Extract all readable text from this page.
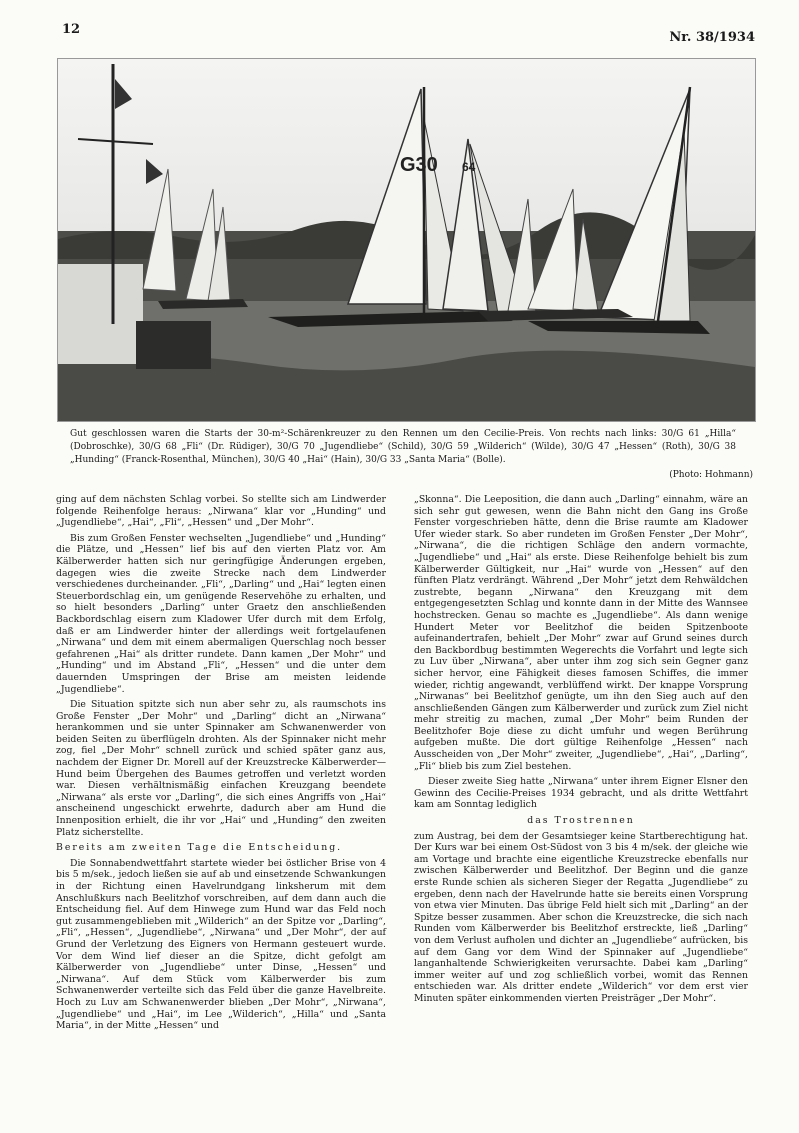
12
Nr. 38/1934
G30 64
Gut geschlossen waren die Starts der 30-m²-Schärenkreuzer zu den Rennen um den Cecilie-Preis. Von rechts nach links: 30/G 61 „Hilla“ (Dobroschke), 30/G 68 „Fli“ (Dr. Rüdiger), 30/G 70 „Jugendliebe“ (Schild), 30/G 59 „Wilderich“ (Wilde), 30/G 47 „Hessen“ (Roth), 30/G 38 „Hunding“ (Franck-Rosenthal, München), 30/G 40 „Hai“ (Hain), 30/G 33 „Santa Maria“ (Bolle).
(Photo: Hohmann)

ging auf dem nächsten Schlag vorbei. So stellte sich am Lindwerder folgende Reihenfolge heraus: „Nirwana“ klar vor „Hunding“ und „Jugendliebe“, „Hai“, „Fli“, „Hessen“ und „Der Mohr“.

Bis zum Großen Fenster wechselten „Jugendliebe“ und „Hunding“ die Plätze, und „Hessen“ lief bis auf den vierten Platz vor. Am Kälberwerder hatten sich nur geringfügige Änderungen ergeben, dagegen wies die zweite Strecke nach dem Lindwerder verschiedenes durcheinander. „Fli“, „Darling“ und „Hai“ legten einen Steuerbordschlag ein, um genügende Reservehöhe zu erhalten, und so hielt besonders „Darling“ unter Graetz den anschließenden Backbordschlag eisern zum Kladower Ufer durch mit dem Erfolg, daß er am Lindwerder hinter der allerdings weit fortgelaufenen „Nirwana“ und dem mit einem abermaligen Querschlag noch besser gefahrenen „Hai“ als dritter rundete. Dann kamen „Der Mohr“ und „Hunding“ und im Abstand „Fli“, „Hessen“ und die unter dem dauernden Umspringen der Brise am meisten leidende „Jugendliebe“.

Die Situation spitzte sich nun aber sehr zu, als raumschots ins Große Fenster „Der Mohr“ und „Darling“ dicht an „Nirwana“ herankommen und sie unter Spinnaker am Schwanenwerder von beiden Seiten zu überflügeln drohten. Als der Spinnaker nicht mehr zog, fiel „Der Mohr“ schnell zurück und schied später ganz aus, nachdem der Eigner Dr. Morell auf der Kreuzstrecke Kälberwerder—Hund beim Übergehen des Baumes getroffen und verletzt worden war. Diesen verhältnismäßig einfachen Kreuzgang beendete „Nirwana“ als erste vor „Darling“, die sich eines Angriffs von „Hai“ anscheinend ungeschickt erwehrte, dadurch aber am Hund die Innenposition erhielt, die ihr vor „Hai“ und „Hunding“ den zweiten Platz sicherstellte.

Bereits am zweiten Tage die Entscheidung.

Die Sonnabendwettfahrt startete wieder bei östlicher Brise von 4 bis 5 m/sek., jedoch ließen sie auf ab und einsetzende Schwankungen in der Richtung einen Havelrundgang linksherum mit dem Anschlußkurs nach Beelitzhof vorschreiben, auf dem dann auch die Entscheidung fiel. Auf dem Hinwege zum Hund war das Feld noch gut zusammengeblieben mit „Wilderich“ an der Spitze vor „Darling“, „Fli“, „Hessen“, „Jugendliebe“, „Nirwana“ und „Der Mohr“, der auf Grund der Verletzung des Eigners von Hermann gesteuert wurde. Vor dem Wind lief dieser an die Spitze, dicht gefolgt am Kälberwerder von „Jugendliebe“ unter Dinse, „Hessen“ und „Nirwana“. Auf dem Stück vom Kälberwerder bis zum Schwanenwerder verteilte sich das Feld über die ganze Havelbreite. Hoch zu Luv am Schwanenwerder blieben „Der Mohr“, „Nirwana“, „Jugendliebe“ und „Hai“, im Lee „Wilderich“, „Hilla“ und „Santa Maria“, in der Mitte „Hessen“ und

„Skonna“. Die Leeposition, die dann auch „Darling“ einnahm, wäre an sich sehr gut gewesen, wenn die Bahn nicht den Gang ins Große Fenster vorgeschrieben hätte, denn die Brise raumte am Kladower Ufer wieder stark. So aber rundeten im Großen Fenster „Der Mohr“, „Nirwana“, die die richtigen Schläge den andern vormachte, „Jugendliebe“ und „Hai“ als erste. Diese Reihenfolge behielt bis zum Kälberwerder Gültigkeit, nur „Hai“ wurde von „Hessen“ auf den fünften Platz verdrängt. Während „Der Mohr“ jetzt dem Rehwäldchen zustrebte, begann „Nirwana“ den Kreuzgang mit dem entgegengesetzten Schlag und konnte dann in der Mitte des Wannsee hochstrecken. Genau so machte es „Jugendliebe“. Als dann wenige Hundert Meter vor Beelitzhof die beiden Spitzenboote aufeinandertrafen, behielt „Der Mohr“ zwar auf Grund seines durch den Backbordbug bestimmten Wegerechts die Vorfahrt und legte sich zu Luv über „Nirwana“, aber unter ihm zog sich sein Gegner ganz sicher hervor, eine Fähigkeit dieses famosen Schiffes, die immer wieder, richtig angewandt, verblüffend wirkt. Der knappe Vorsprung „Nirwanas“ bei Beelitzhof genügte, um ihn den Sieg auch auf den anschließenden Gängen zum Kälberwerder und zurück zum Ziel nicht mehr streitig zu machen, zumal „Der Mohr“ beim Runden der Beelitzhofer Boje diese zu dicht umfuhr und wegen Berührung aufgeben mußte. Die dort gültige Reihenfolge „Hessen“ nach Ausscheiden von „Der Mohr“ zweiter, „Jugendliebe“, „Hai“, „Darling“, „Fli“ blieb bis zum Ziel bestehen.

Dieser zweite Sieg hatte „Nirwana“ unter ihrem Eigner Elsner den Gewinn des Cecilie-Preises 1934 gebracht, und als dritte Wettfahrt kam am Sonntag lediglich

das Trostrennen

zum Austrag, bei dem der Gesamtsieger keine Startberechtigung hat. Der Kurs war bei einem Ost-Südost von 3 bis 4 m/sek. der gleiche wie am Vortage und brachte eine eigentliche Kreuzstrecke ebenfalls nur zwischen Kälberwerder und Beelitzhof. Der Beginn und die ganze erste Runde schien als sicheren Sieger der Regatta „Jugendliebe“ zu ergeben, denn nach der Havelrunde hatte sie bereits einen Vorsprung von etwa vier Minuten. Das übrige Feld hielt sich mit „Darling“ an der Spitze besser zusammen. Aber schon die Kreuzstrecke, die sich nach Runden vom Kälberwerder bis Beelitzhof erstreckte, ließ „Darling“ von dem Verlust aufholen und dichter an „Jugendliebe“ aufrücken, bis auf dem Gang vor dem Wind der Spinnaker auf „Jugendliebe“ langanhaltende Schwierigkeiten verursachte. Dabei kam „Darling“ immer weiter auf und zog schließlich vorbei, womit das Rennen entschieden war. Als dritter endete „Wilderich“ vor dem erst vier Minuten später einkommenden vierten Preisträger „Der Mohr“.
